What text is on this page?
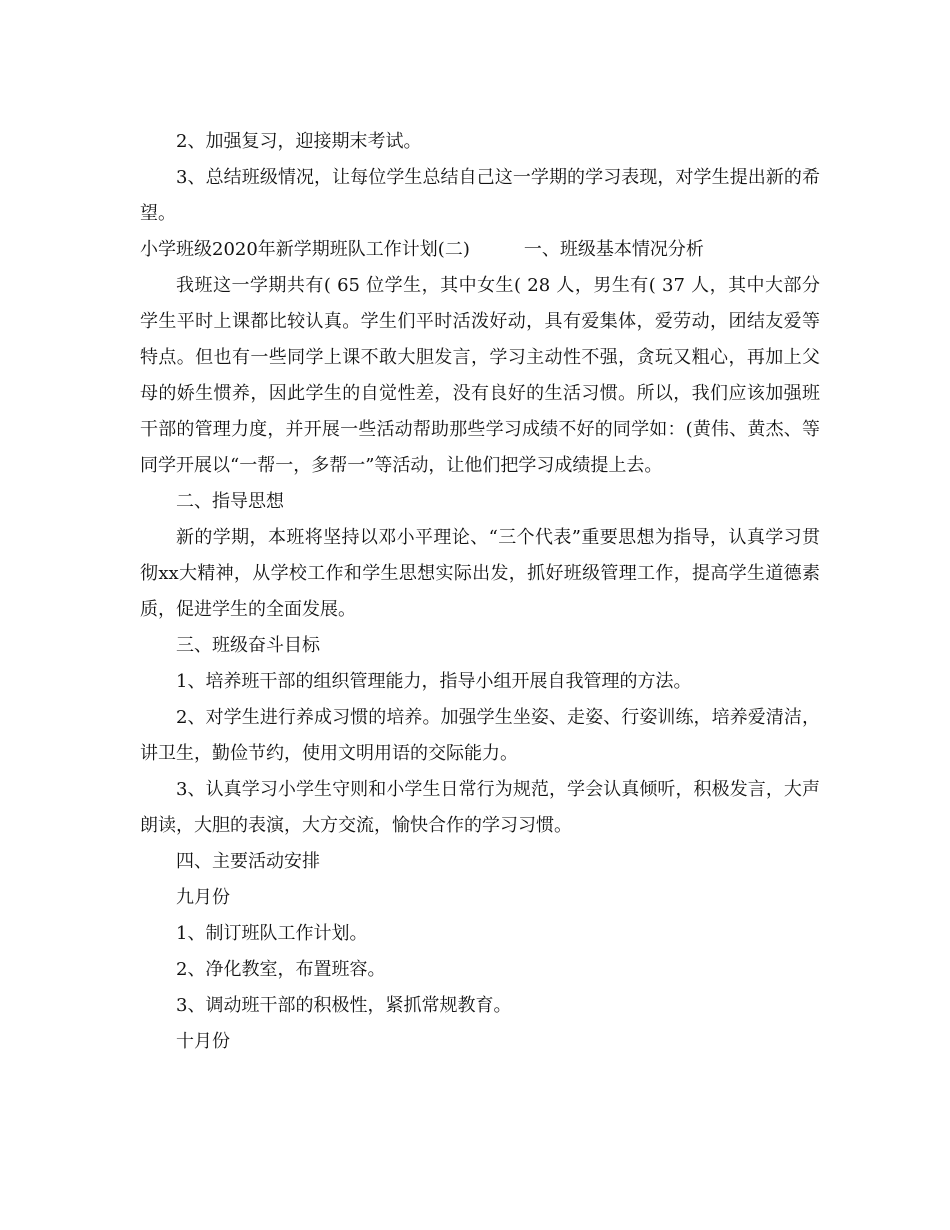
2、加强复习，迎接期末考试。

3、总结班级情况，让每位学生总结自己这一学期的学习表现，对学生提出新的希望。

小学班级2020年新学期班队工作计划(二)	一、班级基本情况分析

我班这一学期共有( 65 位学生，其中女生( 28 人，男生有( 37 人，其中大部分学生平时上课都比较认真。学生们平时活泼好动，具有爱集体，爱劳动，团结友爱等特点。但也有一些同学上课不敢大胆发言，学习主动性不强，贪玩又粗心，再加上父母的娇生惯养，因此学生的自觉性差，没有良好的生活习惯。所以，我们应该加强班干部的管理力度，并开展一些活动帮助那些学习成绩不好的同学如：(黄伟、黄杰、等同学开展以“一帮一，多帮一”等活动，让他们把学习成绩提上去。

二、指导思想

新的学期，本班将坚持以邓小平理论、“三个代表”重要思想为指导，认真学习贯彻xx大精神，从学校工作和学生思想实际出发，抓好班级管理工作，提高学生道德素质，促进学生的全面发展。

三、班级奋斗目标

1、培养班干部的组织管理能力，指导小组开展自我管理的方法。

2、对学生进行养成习惯的培养。加强学生坐姿、走姿、行姿训练，培养爱清洁，讲卫生，勤俭节约，使用文明用语的交际能力。

3、认真学习小学生守则和小学生日常行为规范，学会认真倾听，积极发言，大声朗读，大胆的表演，大方交流，愉快合作的学习习惯。

四、主要活动安排

九月份

1、制订班队工作计划。

2、净化教室，布置班容。

3、调动班干部的积极性，紧抓常规教育。

十月份
